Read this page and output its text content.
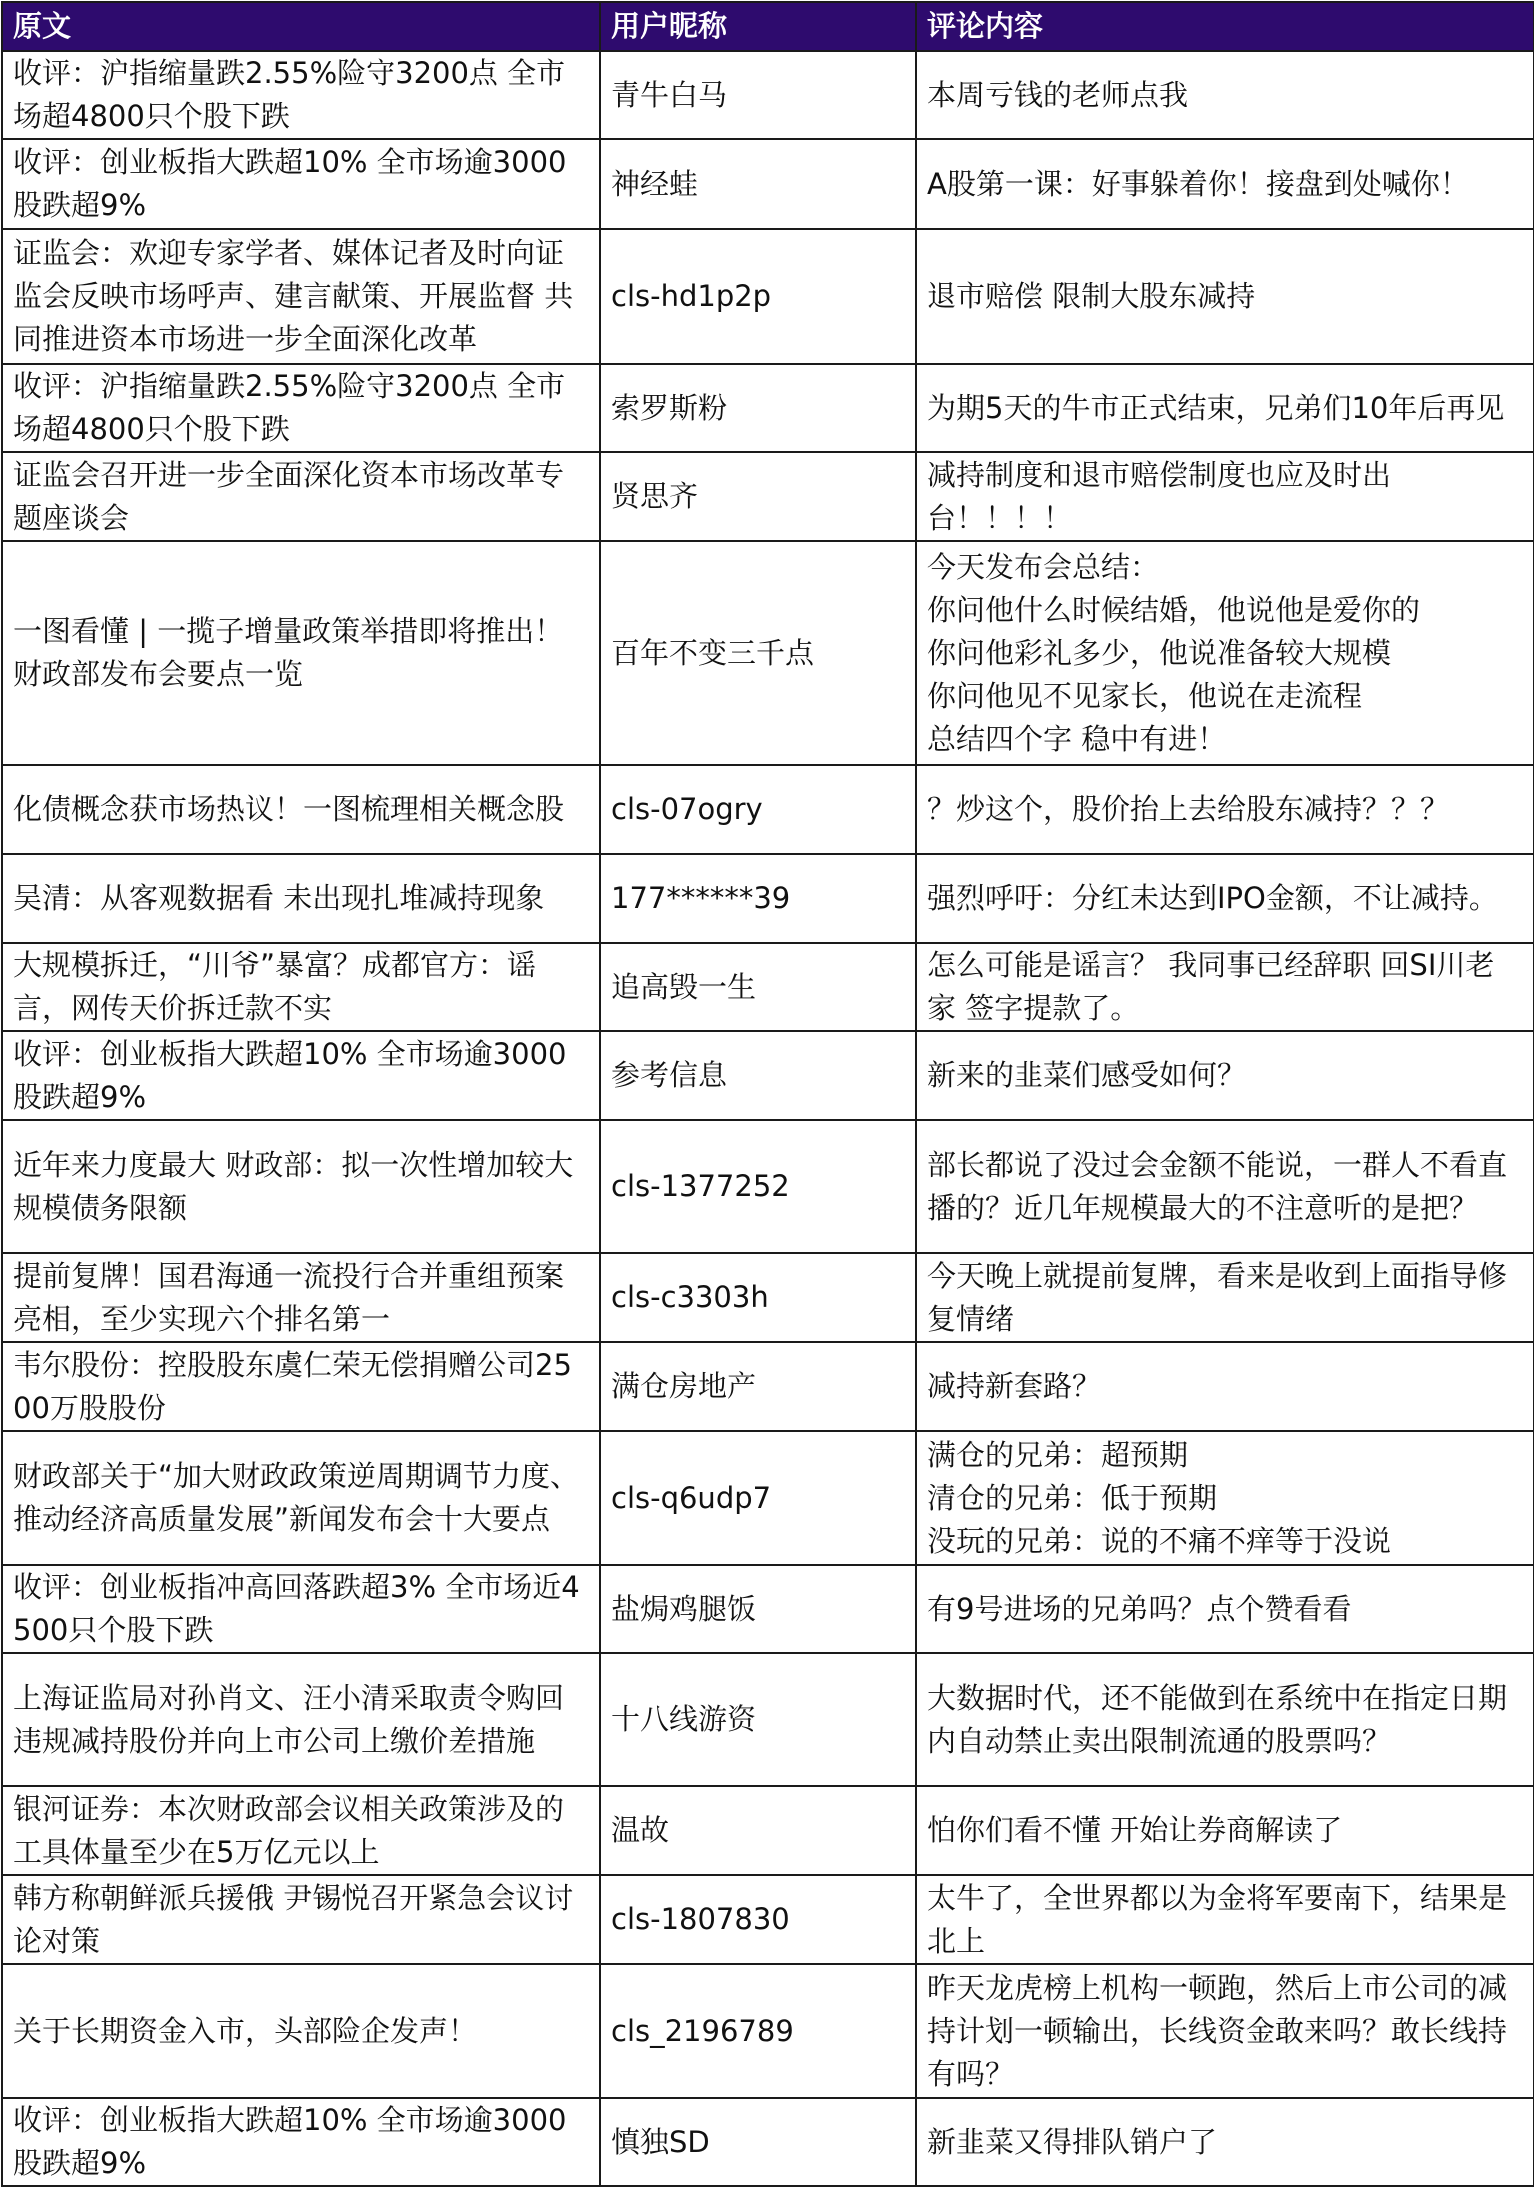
原文	用户昵称	评论内容
收评：沪指缩量跌2.55%险守3200点 全市场超4800只个股下跌	青牛白马	本周亏钱的老师点我
收评：创业板指大跌超10% 全市场逾3000股跌超9%	神经蛙	A股第一课：好事躲着你！接盘到处喊你！
证监会：欢迎专家学者、媒体记者及时向证监会反映市场呼声、建言献策、开展监督 共同推进资本市场进一步全面深化改革	cls-hd1p2p	退市赔偿 限制大股东减持
收评：沪指缩量跌2.55%险守3200点 全市场超4800只个股下跌	索罗斯粉	为期5天的牛市正式结束，兄弟们10年后再见
证监会召开进一步全面深化资本市场改革专题座谈会	贤思齐	减持制度和退市赔偿制度也应及时出台！！！！
一图看懂 | 一揽子增量政策举措即将推出！财政部发布会要点一览	百年不变三千点	今天发布会总结：
你问他什么时候结婚，他说他是爱你的
你问他彩礼多少，他说准备较大规模
你问他见不见家长，他说在走流程
总结四个字 稳中有进！
化债概念获市场热议！一图梳理相关概念股	cls-07ogry	？炒这个，股价抬上去给股东减持？？？
吴清：从客观数据看 未出现扎堆减持现象	177******39	强烈呼吁：分红未达到IPO金额，不让减持。
大规模拆迁，“川爷”暴富？成都官方：谣言，网传天价拆迁款不实	追高毁一生	怎么可能是谣言？ 我同事已经辞职 回SI川老家 签字提款了。
收评：创业板指大跌超10% 全市场逾3000股跌超9%	参考信息	新来的韭菜们感受如何？
近年来力度最大 财政部：拟一次性增加较大规模债务限额	cls-1377252	部长都说了没过会金额不能说，一群人不看直播的？近几年规模最大的不注意听的是把？
提前复牌！国君海通一流投行合并重组预案亮相，至少实现六个排名第一	cls-c3303h	今天晚上就提前复牌，看来是收到上面指导修复情绪
韦尔股份：控股股东虞仁荣无偿捐赠公司2500万股股份	满仓房地产	减持新套路？
财政部关于“加大财政政策逆周期调节力度、推动经济高质量发展”新闻发布会十大要点	cls-q6udp7	满仓的兄弟：超预期
清仓的兄弟：低于预期
没玩的兄弟：说的不痛不痒等于没说
收评：创业板指冲高回落跌超3% 全市场近4500只个股下跌	盐焗鸡腿饭	有9号进场的兄弟吗？点个赞看看
上海证监局对孙肖文、汪小清采取责令购回违规减持股份并向上市公司上缴价差措施	十八线游资	大数据时代，还不能做到在系统中在指定日期内自动禁止卖出限制流通的股票吗？
银河证券：本次财政部会议相关政策涉及的工具体量至少在5万亿元以上	温故	怕你们看不懂 开始让券商解读了
韩方称朝鲜派兵援俄 尹锡悦召开紧急会议讨论对策	cls-1807830	太牛了，全世界都以为金将军要南下，结果是北上
关于长期资金入市，头部险企发声！	cls_2196789	昨天龙虎榜上机构一顿跑，然后上市公司的减持计划一顿输出，长线资金敢来吗？敢长线持有吗？
收评：创业板指大跌超10% 全市场逾3000股跌超9%	慎独SD	新韭菜又得排队销户了
